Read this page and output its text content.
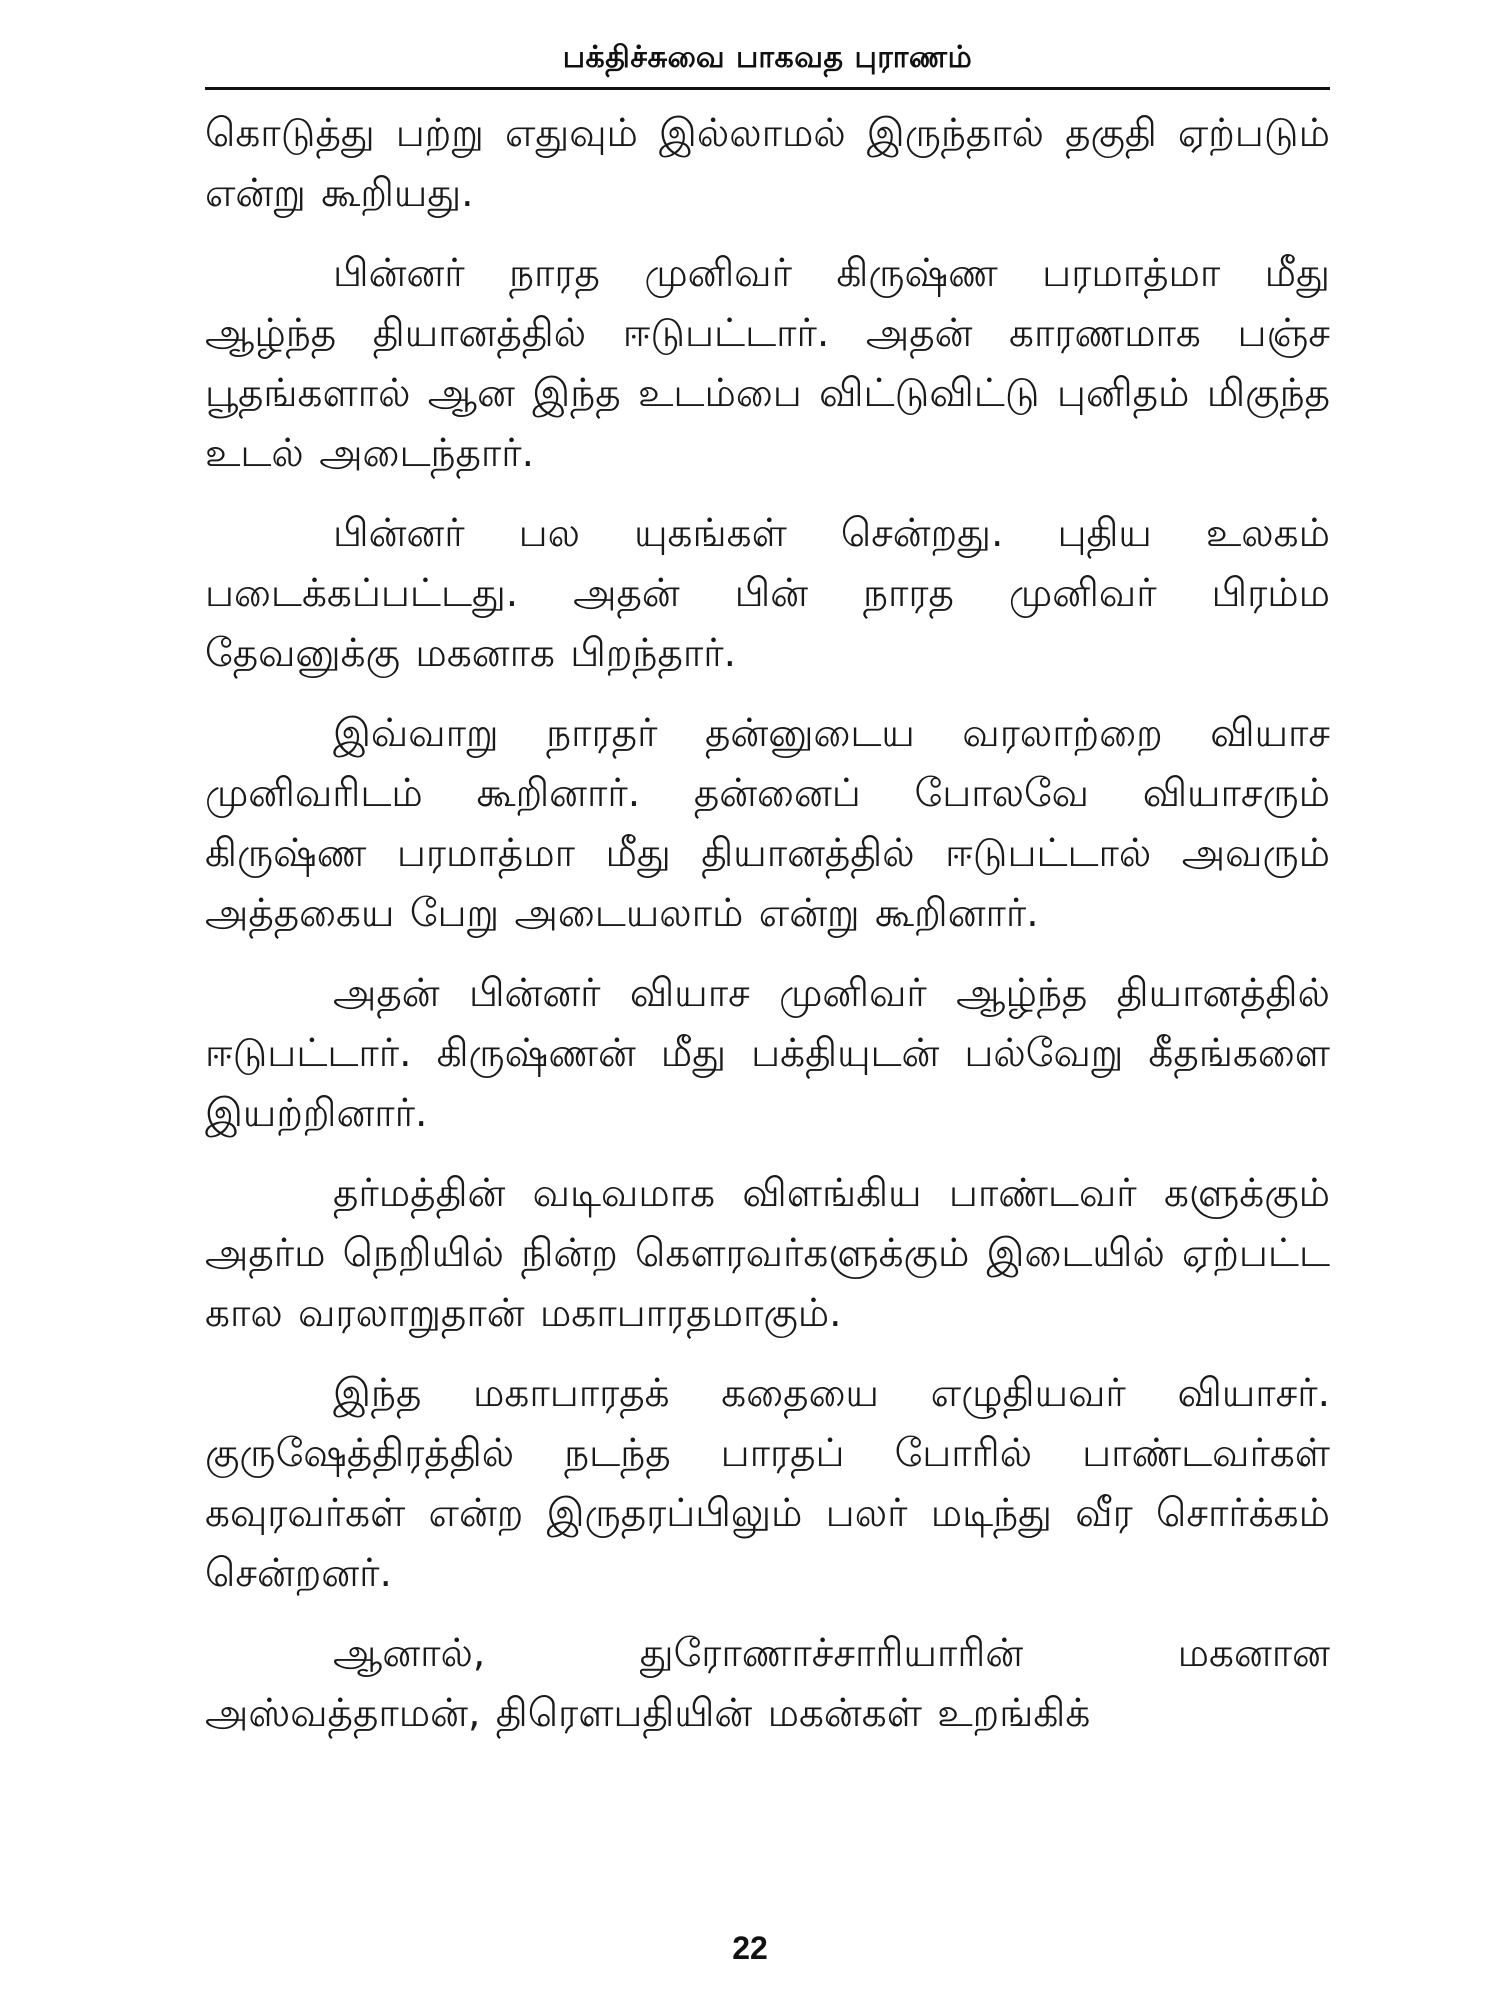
பக்திச்சுவை பாகவத புராணம்

கொடுத்து பற்று எதுவும் இல்லாமல் இருந்தால் தகுதி ஏற்படும் என்று கூறியது.

பின்னர் நாரத முனிவர் கிருஷ்ண பரமாத்மா மீது ஆழ்ந்த தியானத்தில் ஈடுபட்டார். அதன் காரணமாக பஞ்ச பூதங்களால் ஆன இந்த உடம்பை விட்டுவிட்டு புனிதம் மிகுந்த உடல் அடைந்தார்.

பின்னர் பல யுகங்கள் சென்றது. புதிய உலகம் படைக்கப்பட்டது. அதன் பின் நாரத முனிவர் பிரம்ம தேவனுக்கு மகனாக பிறந்தார்.

இவ்வாறு நாரதர் தன்னுடைய வரலாற்றை வியாச முனிவரிடம் கூறினார். தன்னைப் போலவே வியாசரும் கிருஷ்ண பரமாத்மா மீது தியானத்தில் ஈடுபட்டால் அவரும் அத்தகைய பேறு அடையலாம் என்று கூறினார்.

அதன் பின்னர் வியாச முனிவர் ஆழ்ந்த தியானத்தில் ஈடுபட்டார். கிருஷ்ணன் மீது பக்தியுடன் பல்வேறு கீதங்களை இயற்றினார்.

தர்மத்தின் வடிவமாக விளங்கிய பாண்டவர் களுக்கும் அதர்ம நெறியில் நின்ற கௌரவர்களுக்கும் இடையில் ஏற்பட்ட கால வரலாறுதான் மகாபாரதமாகும்.

இந்த மகாபாரதக் கதையை எழுதியவர் வியாசர். குருஷேத்திரத்தில் நடந்த பாரதப் போரில் பாண்டவர்கள் கவுரவர்கள் என்ற இருதரப்பிலும் பலர் மடிந்து வீர சொர்க்கம் சென்றனர்.

ஆனால், துரோணாச்சாரியாரின் மகனான அஸ்வத்தாமன், திரௌபதியின் மகன்கள் உறங்கிக்

22
